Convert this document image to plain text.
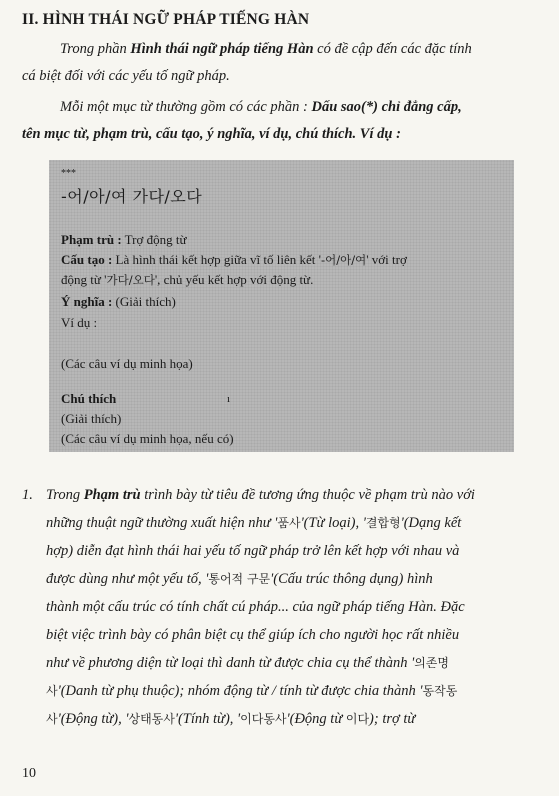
II. HÌNH THÁI NGỮ PHÁP TIẾNG HÀN

Trong phần Hình thái ngữ pháp tiếng Hàn có đề cập đến các đặc tính
cá biệt đối với các yếu tố ngữ pháp.

Mỗi một mục từ thường gồm có các phần : Dấu sao(*) chỉ đẳng cấp,
tên mục từ, phạm trù, cấu tạo, ý nghĩa, ví dụ, chú thích. Ví dụ :

***
-어/아/여 가다/오다
Phạm trù : Trợ động từ
Cấu tạo : Là hình thái kết hợp giữa vĩ tố liên kết '-어/아/여' với trợ
động từ '가다/오다', chủ yếu kết hợp với động từ.
Ý nghĩa : (Giải thích)
Ví dụ :
(Các câu ví dụ minh họa)
Chú thích	ı
(Giải thích)
(Các câu ví dụ minh họa, nếu có)
1. Trong Phạm trù trình bày từ tiêu đề tương ứng thuộc về phạm trù nào với
những thuật ngữ thường xuất hiện như '품사'(Từ loại), '결합형'(Dạng kết
hợp) diễn đạt hình thái hai yếu tố ngữ pháp trở lên kết hợp với nhau và
được dùng như một yếu tố, '통어적 구문'(Cấu trúc thông dụng) hình
thành một cấu trúc có tính chất cú pháp... của ngữ pháp tiếng Hàn. Đặc
biệt việc trình bày có phân biệt cụ thể giúp ích cho người học rất nhiều
như về phương diện từ loại thì danh từ được chia cụ thể thành '의존명
사'(Danh từ phụ thuộc); nhóm động từ / tính từ được chia thành '동작동
사'(Động từ), '상태동사'(Tính từ), '이다동사'(Động từ 이다); trợ từ
10
